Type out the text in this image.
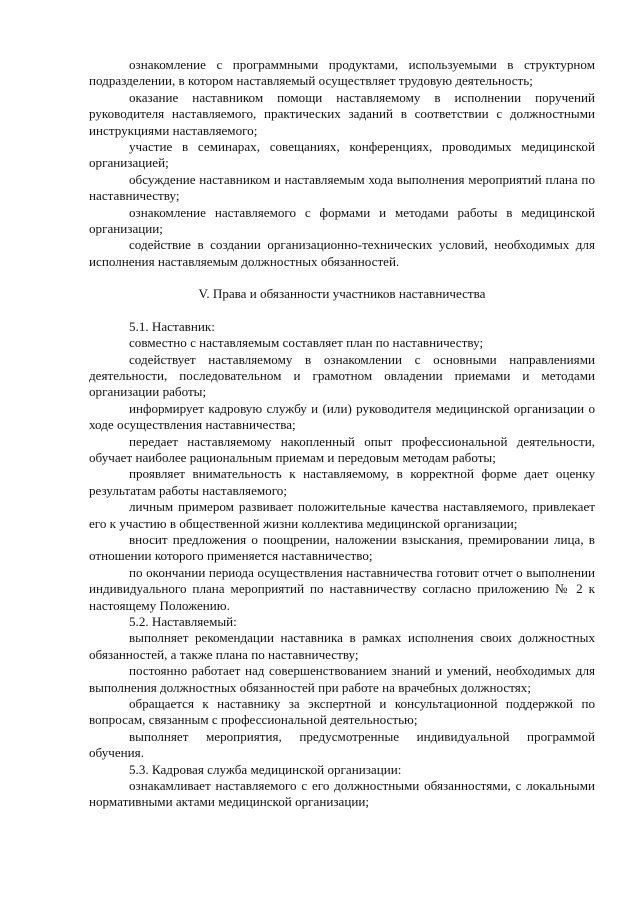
ознакомление с программными продуктами, используемыми в структурном подразделении, в котором наставляемый осуществляет трудовую деятельность;

оказание наставником помощи наставляемому в исполнении поручений руководителя наставляемого, практических заданий в соответствии с должностными инструкциями наставляемого;

участие в семинарах, совещаниях, конференциях, проводимых медицинской организацией;

обсуждение наставником и наставляемым хода выполнения мероприятий плана по наставничеству;

ознакомление наставляемого с формами и методами работы в медицинской организации;

содействие в создании организационно-технических условий, необходимых для исполнения наставляемым должностных обязанностей.

V. Права и обязанности участников наставничества

5.1. Наставник:

совместно с наставляемым составляет план по наставничеству;

содействует наставляемому в ознакомлении с основными направлениями деятельности, последовательном и грамотном овладении приемами и методами организации работы;

информирует кадровую службу и (или) руководителя медицинской организации о ходе осуществления наставничества;

передает наставляемому накопленный опыт профессиональной деятельности, обучает наиболее рациональным приемам и передовым методам работы;

проявляет внимательность к наставляемому, в корректной форме дает оценку результатам работы наставляемого;

личным примером развивает положительные качества наставляемого, привлекает его к участию в общественной жизни коллектива медицинской организации;

вносит предложения о поощрении, наложении взыскания, премировании лица, в отношении которого применяется наставничество;

по окончании периода осуществления наставничества готовит отчет о выполнении индивидуального плана мероприятий по наставничеству согласно приложению № 2 к настоящему Положению.

5.2. Наставляемый:

выполняет рекомендации наставника в рамках исполнения своих должностных обязанностей, а также плана по наставничеству;

постоянно работает над совершенствованием знаний и умений, необходимых для выполнения должностных обязанностей при работе на врачебных должностях;

обращается к наставнику за экспертной и консультационной поддержкой по вопросам, связанным с профессиональной деятельностью;

выполняет мероприятия, предусмотренные индивидуальной программой обучения.

5.3. Кадровая служба медицинской организации:

ознакамливает наставляемого с его должностными обязанностями, с локальными нормативными актами медицинской организации;
